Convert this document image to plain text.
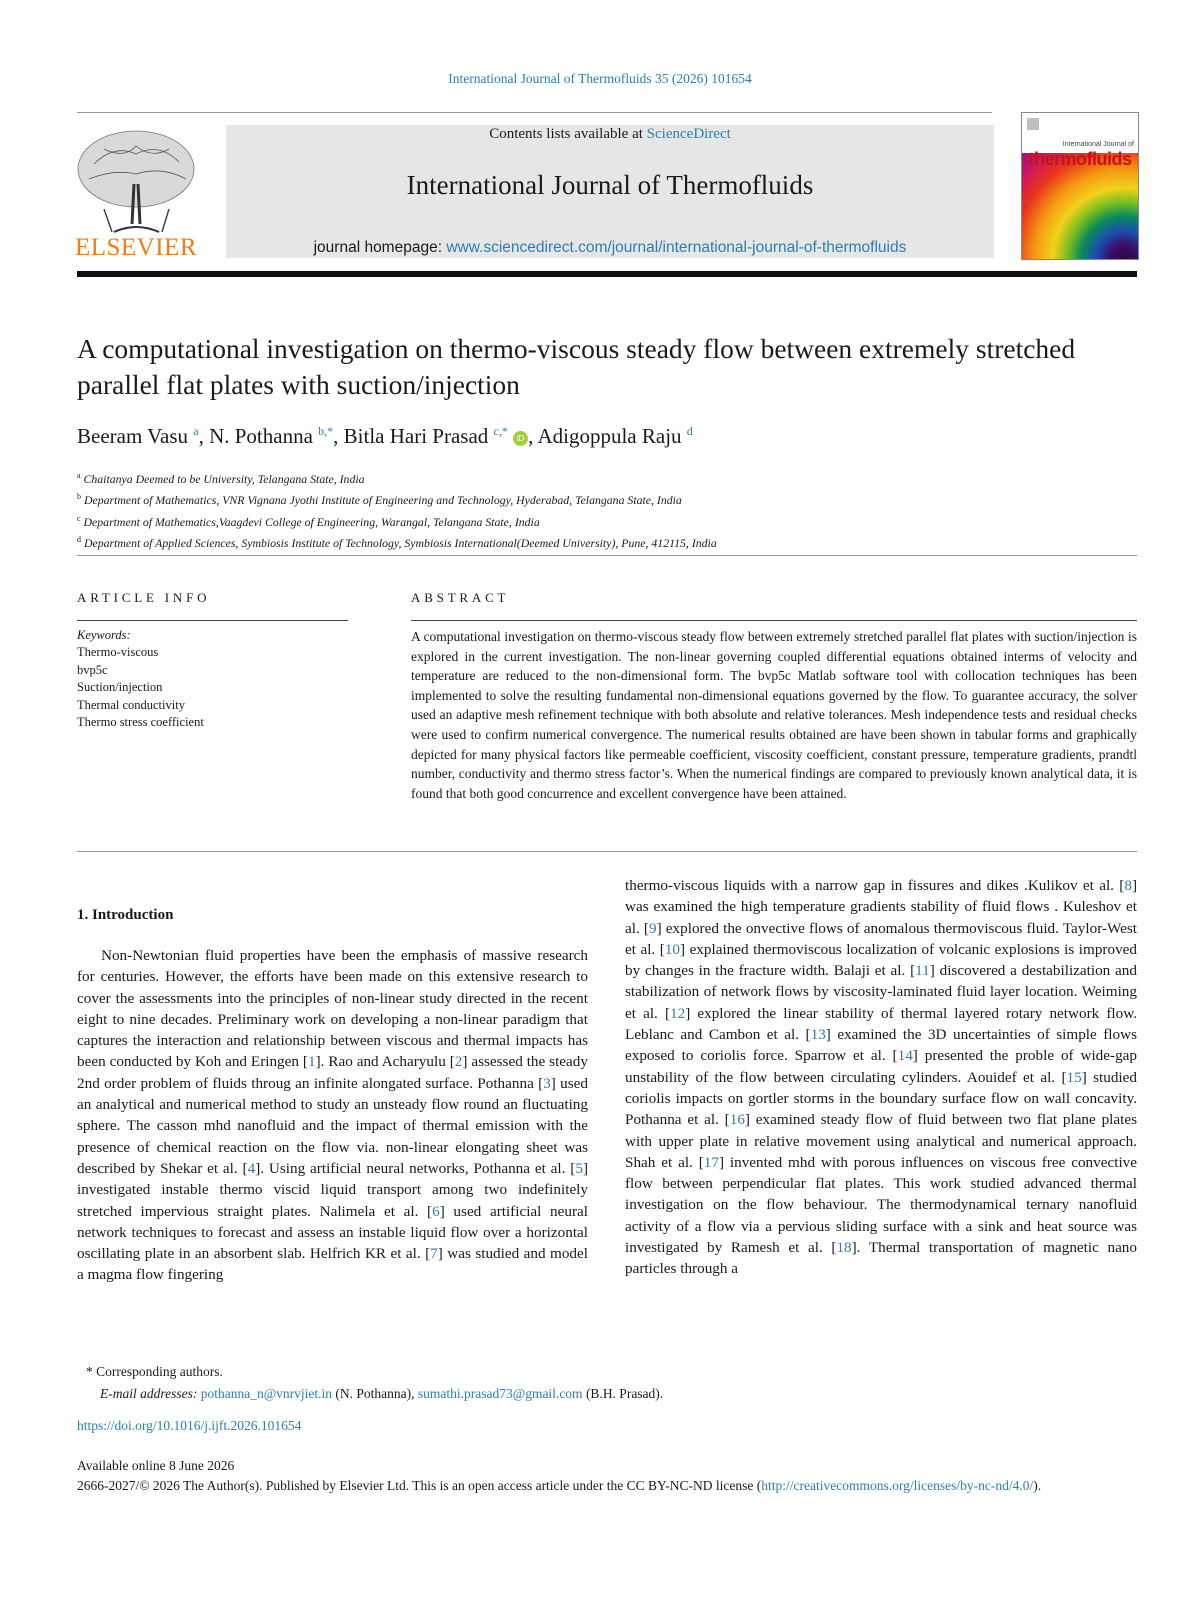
International Journal of Thermofluids 35 (2026) 101654
ELSEVIER
Contents lists available at ScienceDirect
International Journal of Thermofluids
journal homepage: www.sciencedirect.com/journal/international-journal-of-thermofluids
International Journal of
thermofluids
A computational investigation on thermo-viscous steady flow between extremely stretched parallel flat plates with suction/injection
Beeram Vasu $^a$, N. Pothanna $^{b,*}$, Bitla Hari Prasad $^{c,*}$ iD , Adigoppula Raju $^d$
$^a$ Chaitanya Deemed to be University, Telangana State, India
$^b$ Department of Mathematics, VNR Vignana Jyothi Institute of Engineering and Technology, Hyderabad, Telangana State, India
$^c$ Department of Mathematics,Vaagdevi College of Engineering, Warangal, Telangana State, India
$^d$ Department of Applied Sciences, Symbiosis Institute of Technology, Symbiosis International(Deemed University), Pune, 412115, India
ARTICLE INFO
Keywords:
Thermo-viscous
bvp5c
Suction/injection
Thermal conductivity
Thermo stress coefficient
ABSTRACT
A computational investigation on thermo-viscous steady flow between extremely stretched parallel flat plates with suction/injection is explored in the current investigation. The non-linear governing coupled differential equations obtained interms of velocity and temperature are reduced to the non-dimensional form. The bvp5c Matlab software tool with collocation techniques has been implemented to solve the resulting fundamental non-dimensional equations governed by the flow. To guarantee accuracy, the solver used an adaptive mesh refinement technique with both absolute and relative tolerances. Mesh independence tests and residual checks were used to confirm numerical convergence. The numerical results obtained are have been shown in tabular forms and graphically depicted for many physical factors like permeable coefficient, viscosity coefficient, constant pressure, temperature gradients, prandtl number, conductivity and thermo stress factor’s. When the numerical findings are compared to previously known analytical data, it is found that both good concurrence and excellent convergence have been attained.
1. Introduction
Non-Newtonian fluid properties have been the emphasis of massive research for centuries. However, the efforts have been made on this extensive research to cover the assessments into the principles of non-linear study directed in the recent eight to nine decades. Preliminary work on developing a non-linear paradigm that captures the interaction and relationship between viscous and thermal impacts has been conducted by Koh and Eringen [1]. Rao and Acharyulu [2] assessed the steady 2nd order problem of fluids throug an infinite alongated surface. Pothanna [3] used an analytical and numerical method to study an unsteady flow round an fluctuating sphere. The casson mhd nanofluid and the impact of thermal emission with the presence of chemical reaction on the flow via. non-linear elongating sheet was described by Shekar et al. [4]. Using artificial neural networks, Pothanna et al. [5] investigated instable thermo viscid liquid transport among two indefinitely stretched impervious straight plates. Nalimela et al. [6] used artificial neural network techniques to forecast and assess an instable liquid flow over a horizontal oscillating plate in an absorbent slab. Helfrich KR et al. [7] was studied and model a magma flow fingering
thermo-viscous liquids with a narrow gap in fissures and dikes .Kulikov et al. [8] was examined the high temperature gradients stability of fluid flows . Kuleshov et al. [9] explored the onvective flows of anomalous thermoviscous fluid. Taylor-West et al. [10] explained thermoviscous localization of volcanic explosions is improved by changes in the fracture width. Balaji et al. [11] discovered a destabilization and stabilization of network flows by viscosity-laminated fluid layer location. Weiming et al. [12] explored the linear stability of thermal layered rotary network flow. Leblanc and Cambon et al. [13] examined the 3D uncertainties of simple flows exposed to coriolis force. Sparrow et al. [14] presented the proble of wide-gap unstability of the flow between circulating cylinders. Aouidef et al. [15] studied coriolis impacts on gortler storms in the boundary surface flow on wall concavity. Pothanna et al. [16] examined steady flow of fluid between two flat plane plates with upper plate in relative movement using analytical and numerical approach. Shah et al. [17] invented mhd with porous influences on viscous free convective flow between perpendicular flat plates. This work studied advanced thermal investigation on the flow behaviour. The thermodynamical ternary nanofluid activity of a flow via a pervious sliding surface with a sink and heat source was investigated by Ramesh et al. [18]. Thermal transportation of magnetic nano particles through a
* Corresponding authors.
E-mail addresses: pothanna_n@vnrvjiet.in (N. Pothanna), sumathi.prasad73@gmail.com (B.H. Prasad).
https://doi.org/10.1016/j.ijft.2026.101654
Available online 8 June 2026
2666-2027/© 2026 The Author(s). Published by Elsevier Ltd. This is an open access article under the CC BY-NC-ND license (http://creativecommons.org/licenses/by-nc-nd/4.0/).
